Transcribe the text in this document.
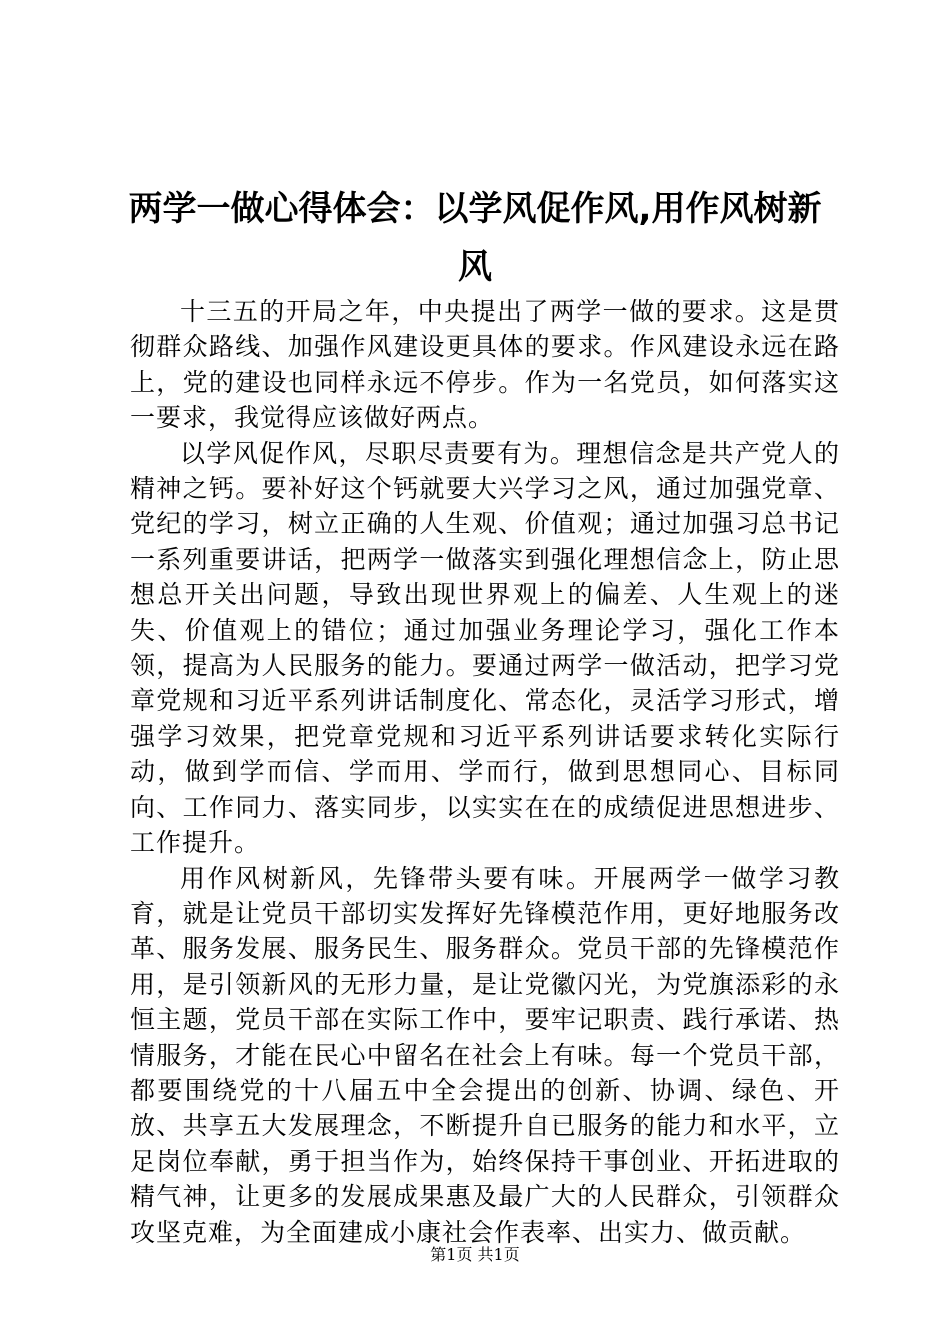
两学一做心得体会：以学风促作风,用作风树新风

十三五的开局之年，中央提出了两学一做的要求。这是贯彻群众路线、加强作风建设更具体的要求。作风建设永远在路上，党的建设也同样永远不停步。作为一名党员，如何落实这一要求，我觉得应该做好两点。

以学风促作风，尽职尽责要有为。理想信念是共产党人的精神之钙。要补好这个钙就要大兴学习之风，通过加强党章、党纪的学习，树立正确的人生观、价值观；通过加强习总书记一系列重要讲话，把两学一做落实到强化理想信念上，防止思想总开关出问题，导致出现世界观上的偏差、人生观上的迷失、价值观上的错位；通过加强业务理论学习，强化工作本领，提高为人民服务的能力。要通过两学一做活动，把学习党章党规和习近平系列讲话制度化、常态化，灵活学习形式，增强学习效果，把党章党规和习近平系列讲话要求转化实际行动，做到学而信、学而用、学而行，做到思想同心、目标同向、工作同力、落实同步，以实实在在的成绩促进思想进步、工作提升。

用作风树新风，先锋带头要有味。开展两学一做学习教育，就是让党员干部切实发挥好先锋模范作用，更好地服务改革、服务发展、服务民生、服务群众。党员干部的先锋模范作用，是引领新风的无形力量，是让党徽闪光，为党旗添彩的永恒主题，党员干部在实际工作中，要牢记职责、践行承诺、热情服务，才能在民心中留名在社会上有味。每一个党员干部，都要围绕党的十八届五中全会提出的创新、协调、绿色、开放、共享五大发展理念，不断提升自已服务的能力和水平，立足岗位奉献，勇于担当作为，始终保持干事创业、开拓进取的精气神，让更多的发展成果惠及最广大的人民群众，引领群众攻坚克难，为全面建成小康社会作表率、出实力、做贡献。

第1页 共1页
